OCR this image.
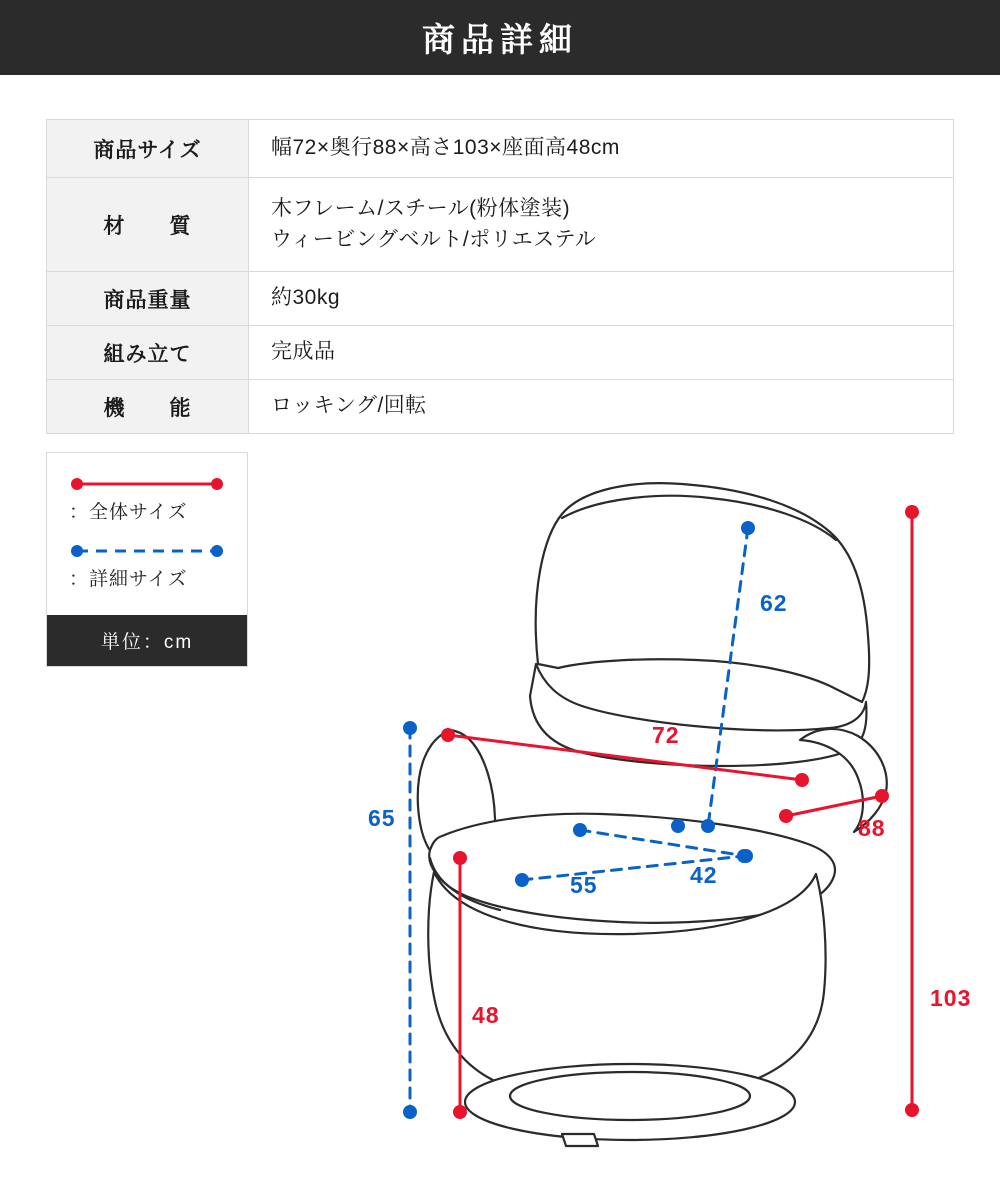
商品詳細
商品サイズ	幅72×奥行88×高さ103×座面高48cm

材　　質	木フレーム/スチール(粉体塗装)
ウィービングベルト/ポリエステル

商品重量	約30kg

組み立て	完成品

機　　能	ロッキング/回転
：全体サイズ
：詳細サイズ
単位：cm
62
103
72
88
65
48
55	42
